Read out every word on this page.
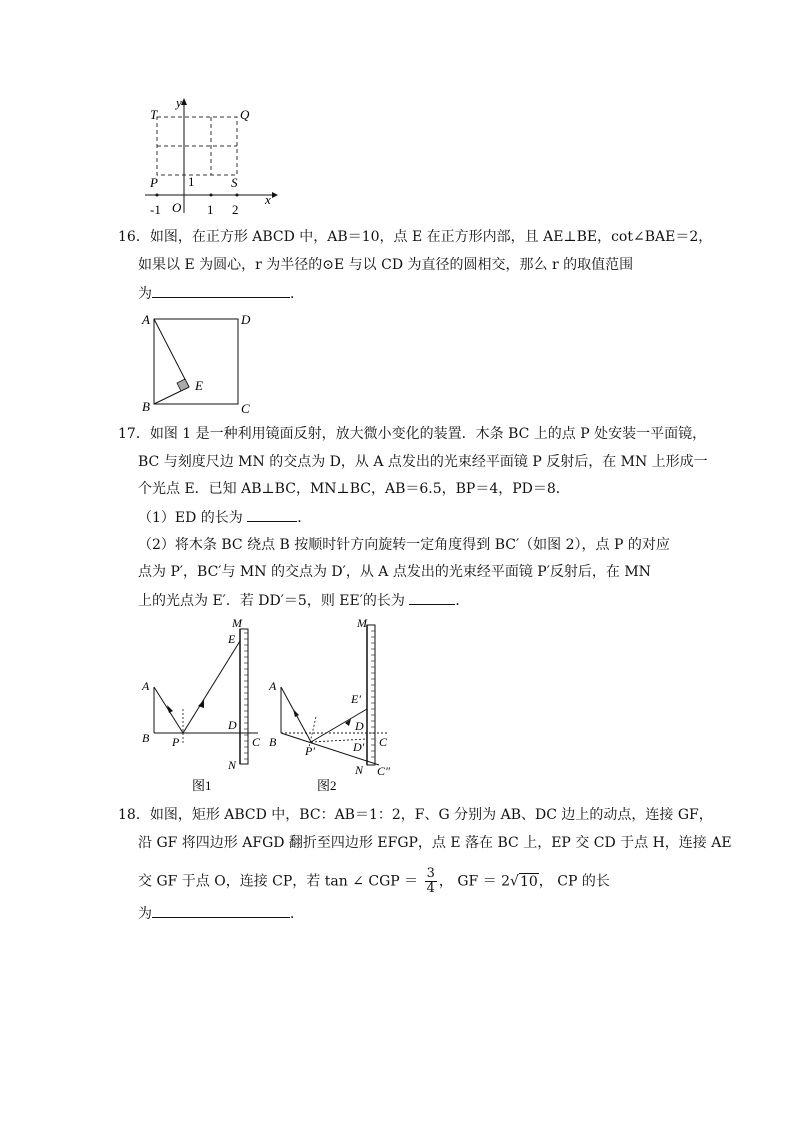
T	Q
P	S
y
x
O
1
-1	1 2
16．如图，在正方形 ABCD 中，AB＝10，点 E 在正方形内部，且 AE⊥BE，cot∠BAE＝2，
如果以 E 为圆心，r 为半径的⊙E 与以 CD 为直径的圆相交，那么 r 的取值范围
为	．
A	D
B	C
E
17．如图 1 是一种利用镜面反射，放大微小变化的装置．木条 BC 上的点 P 处安装一平面镜，
BC 与刻度尺边 MN 的交点为 D，从 A 点发出的光束经平面镜 P 反射后，在 MN 上形成一
个光点 E．已知 AB⊥BC，MN⊥BC，AB＝6.5，BP＝4，PD＝8．
（1）ED 的长为	．
（2）将木条 BC 绕点 B 按顺时针方向旋转一定角度得到 BC′（如图 2），点 P 的对应
点为 P′，BC′与 MN 的交点为 D′，从 A 点发出的光束经平面镜 P′反射后，在 MN
上的光点为 E′．若 DD′＝5，则 EE′的长为	．
M
E
A
D
B P	C
N
图1
M
E′
A
D
B
P′
C
D′
N C″
图2
18．如图，矩形 ABCD 中，BC：AB＝1：2，F、G 分别为 AB、DC 边上的动点，连接 GF，
沿 GF 将四边形 AFGD 翻折至四边形 EFGP，点 E 落在 BC 上，EP 交 CD 于点 H，连接 AE
交 GF 于点 O，连接 CP，若 tan ∠ CGP ＝ $\frac{3}{4}$ ， GF ＝ 2√10， CP 的长
为	．
